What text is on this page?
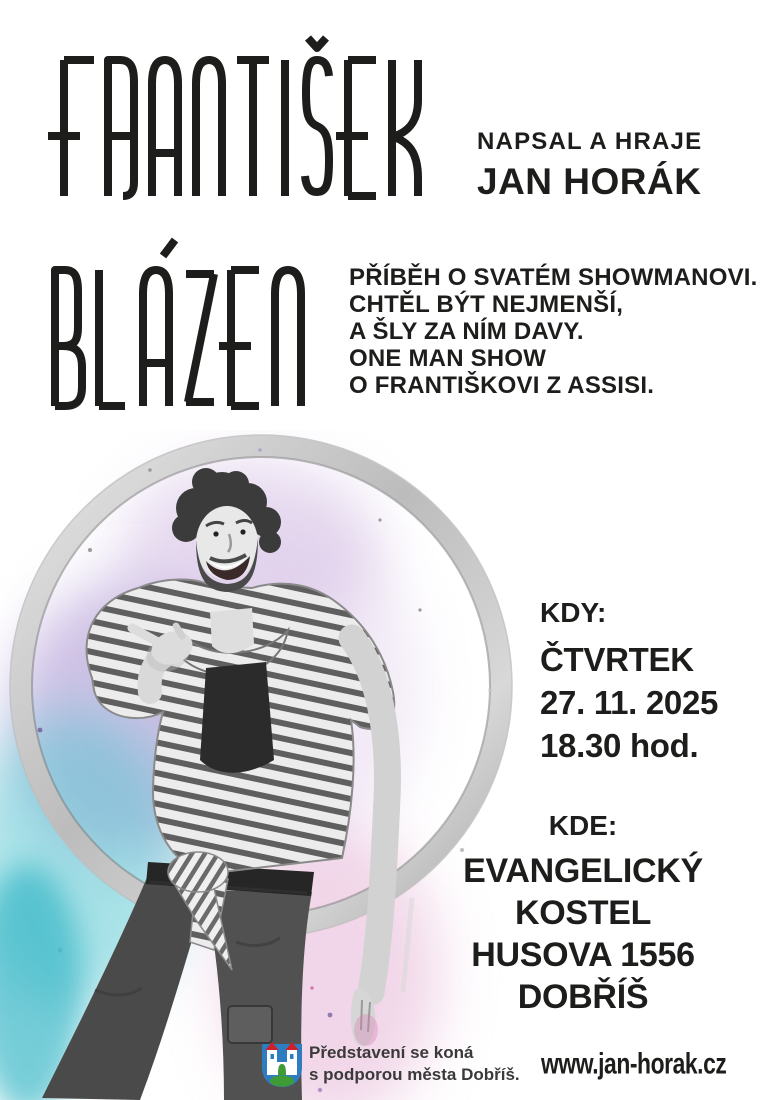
NAPSAL A HRAJE
JAN HORÁK
PŘÍBĚH O SVATÉM SHOWMANOVI.
CHTĚL BÝT NEJMENŠÍ,
A ŠLY ZA NÍM DAVY.
ONE MAN SHOW
O FRANTIŠKOVI Z ASSISI.
KDY:
ČTVRTEK
27. 11. 2025
18.30 hod.
KDE:
EVANGELICKÝ
KOSTEL
HUSOVA 1556
DOBŘÍŠ
Představení se koná
s podporou města Dobříš. www.jan-horak.cz
